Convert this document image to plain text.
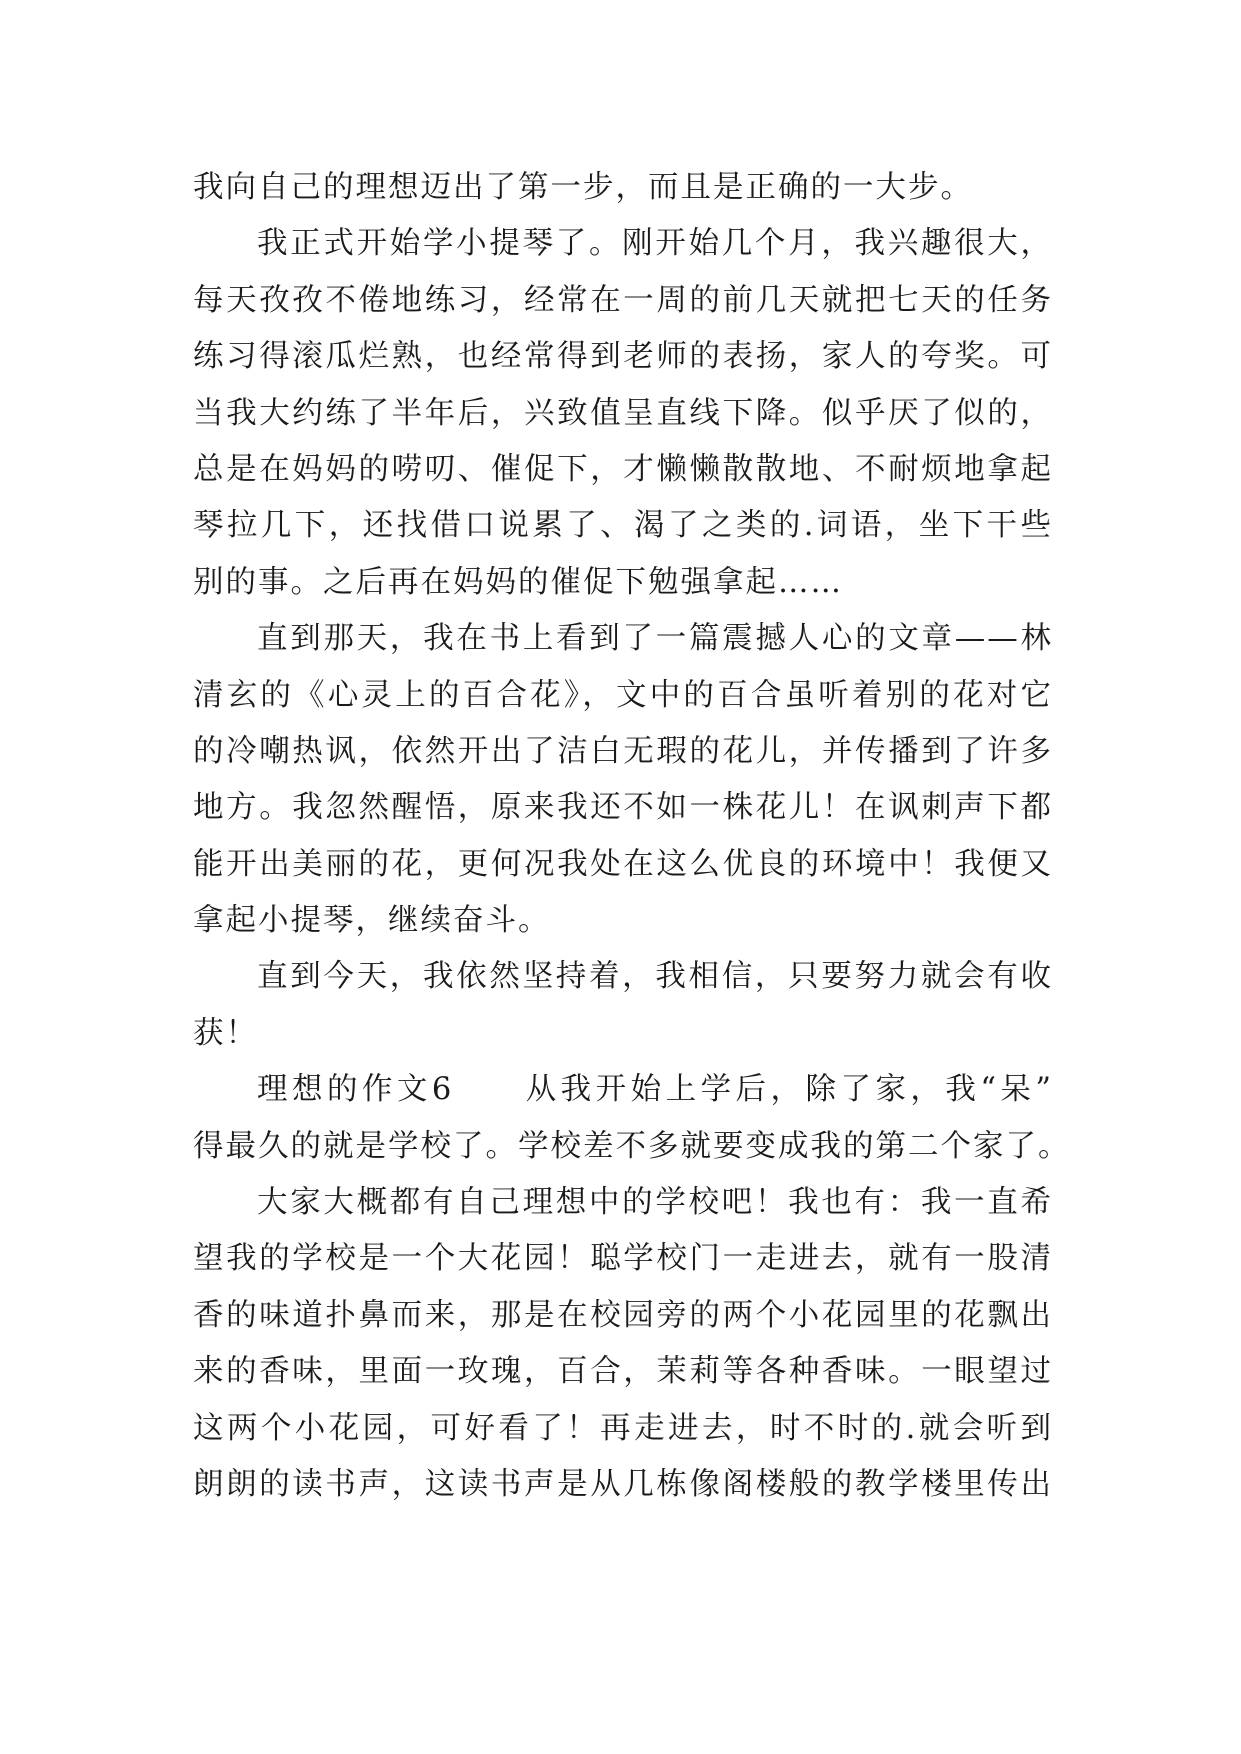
我向自己的理想迈出了第一步，而且是正确的一大步。
我正式开始学小提琴了。刚开始几个月，我兴趣很大，
每天孜孜不倦地练习，经常在一周的前几天就把七天的任务
练习得滚瓜烂熟，也经常得到老师的表扬，家人的夸奖。可
当我大约练了半年后，兴致值呈直线下降。似乎厌了似的，
总是在妈妈的唠叨、催促下，才懒懒散散地、不耐烦地拿起
琴拉几下，还找借口说累了、渴了之类的.词语，坐下干些
别的事。之后再在妈妈的催促下勉强拿起……
直到那天，我在书上看到了一篇震撼人心的文章——林
清玄的《心灵上的百合花》，文中的百合虽听着别的花对它
的冷嘲热讽，依然开出了洁白无瑕的花儿，并传播到了许多
地方。我忽然醒悟，原来我还不如一株花儿！在讽刺声下都
能开出美丽的花，更何况我处在这么优良的环境中！我便又
拿起小提琴，继续奋斗。
直到今天，我依然坚持着，我相信，只要努力就会有收
获！
理想的作文6　　从我开始上学后，除了家，我“呆”
得最久的就是学校了。学校差不多就要变成我的第二个家了。
大家大概都有自己理想中的学校吧！我也有：我一直希
望我的学校是一个大花园！聪学校门一走进去，就有一股清
香的味道扑鼻而来，那是在校园旁的两个小花园里的花飘出
来的香味，里面一玫瑰，百合，茉莉等各种香味。一眼望过
这两个小花园，可好看了！再走进去，时不时的.就会听到
朗朗的读书声，这读书声是从几栋像阁楼般的教学楼里传出
